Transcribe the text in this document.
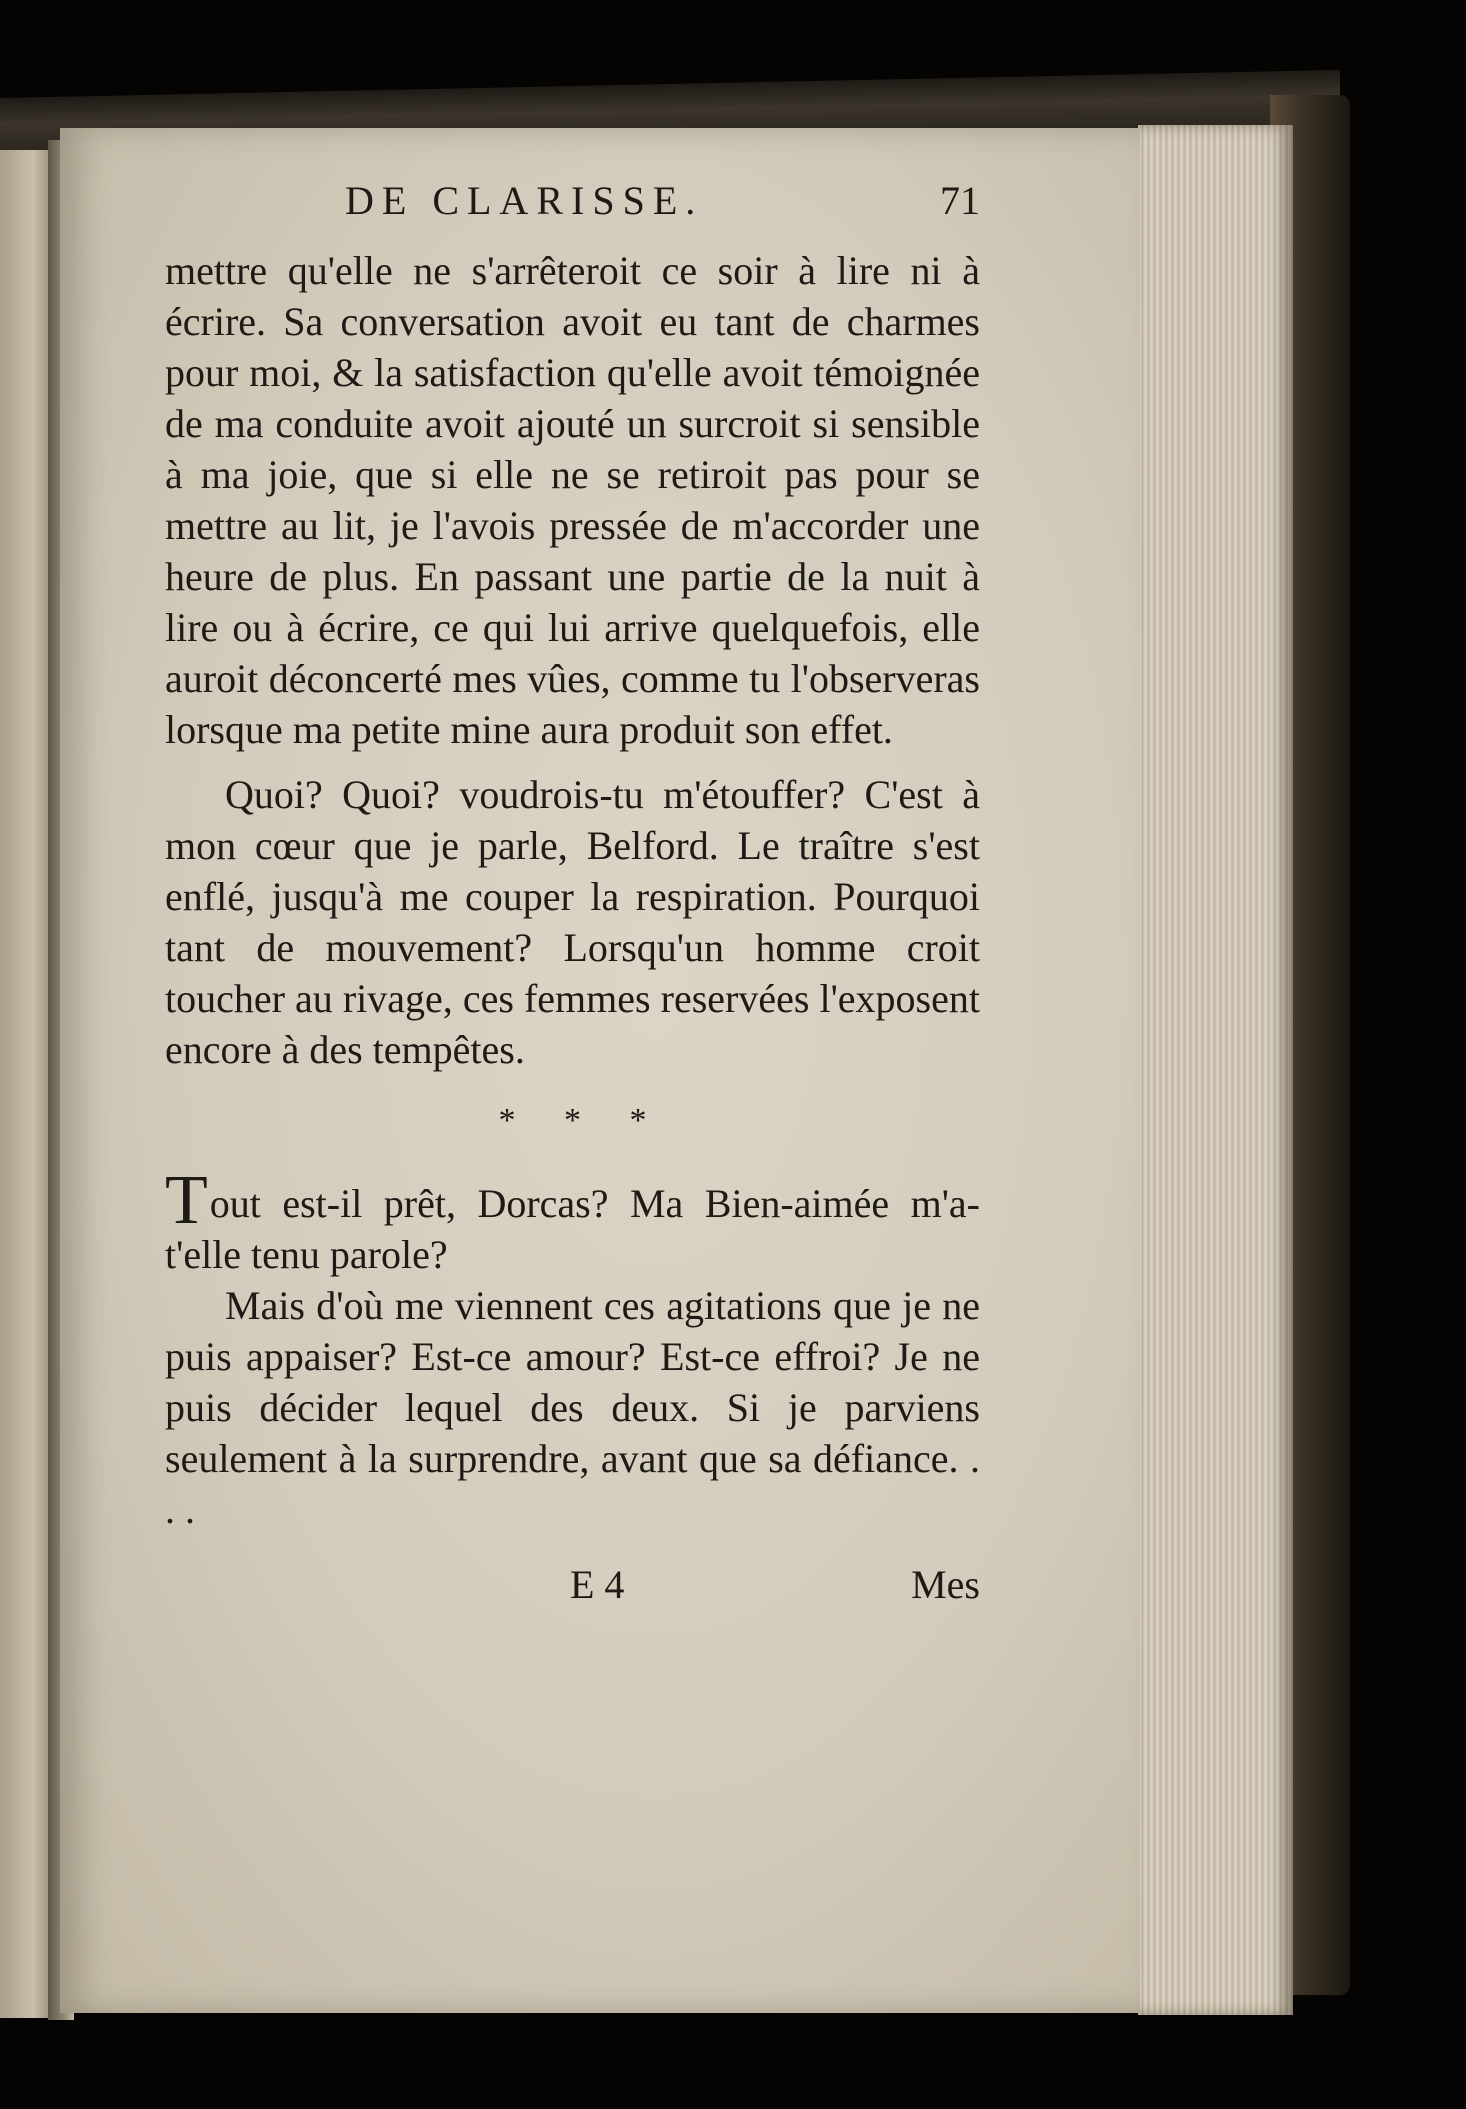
DE CLARISSE.	71

mettre qu'elle ne s'arrêteroit ce soir à lire ni à écrire. Sa conversation avoit eu tant de charmes pour moi, & la satisfaction qu'elle avoit témoignée de ma conduite avoit ajouté un surcroit si sensible à ma joie, que si elle ne se retiroit pas pour se mettre au lit, je l'avois pressée de m'accorder une heure de plus. En passant une partie de la nuit à lire ou à écrire, ce qui lui arrive quelquefois, elle auroit déconcerté mes vûes, comme tu l'observeras lorsque ma petite mine aura produit son effet.

Quoi? Quoi? voudrois-tu m'étouffer? C'est à mon cœur que je parle, Belford. Le traître s'est enflé, jusqu'à me couper la respiration. Pourquoi tant de mouvement? Lorsqu'un homme croit toucher au rivage, ces femmes reservées l'exposent encore à des tempêtes.

* * *

Tout est-il prêt, Dorcas? Ma Bien-aimée m'a-t'elle tenu parole?

Mais d'où me viennent ces agitations que je ne puis appaiser? Est-ce amour? Est-ce effroi? Je ne puis décider lequel des deux. Si je parviens seulement à la surprendre, avant que sa défiance. . . .

E 4	Mes
